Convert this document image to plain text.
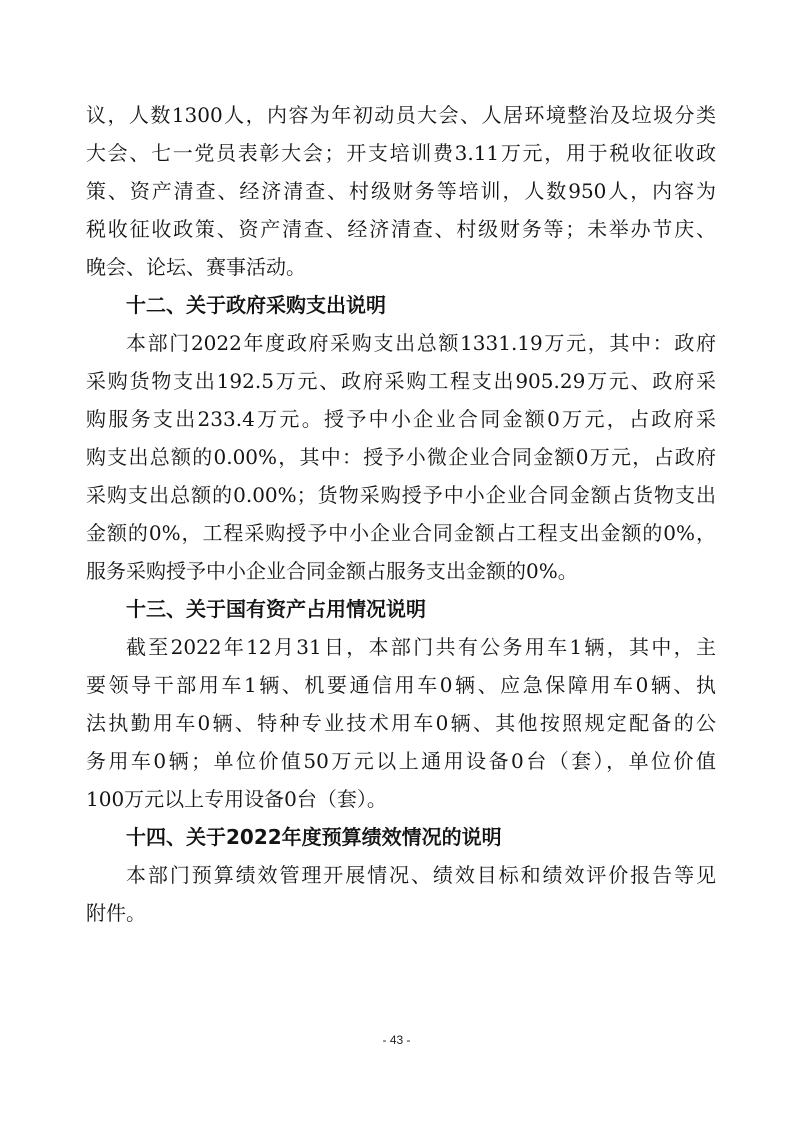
议，人数1300人，内容为年初动员大会、人居环境整治及垃圾分类
大会、七一党员表彰大会；开支培训费3.11万元，用于税收征收政
策、资产清查、经济清查、村级财务等培训，人数950人，内容为
税收征收政策、资产清查、经济清查、村级财务等；未举办节庆、
晚会、论坛、赛事活动。
十二、关于政府采购支出说明
本部门2022年度政府采购支出总额1331.19万元，其中：政府
采购货物支出192.5万元、政府采购工程支出905.29万元、政府采
购服务支出233.4万元。授予中小企业合同金额0万元，占政府采
购支出总额的0.00%，其中：授予小微企业合同金额0万元，占政府
采购支出总额的0.00%；货物采购授予中小企业合同金额占货物支出
金额的0%，工程采购授予中小企业合同金额占工程支出金额的0%，
服务采购授予中小企业合同金额占服务支出金额的0%。
十三、关于国有资产占用情况说明
截至2022年12月31日，本部门共有公务用车1辆，其中，主
要领导干部用车1辆、机要通信用车0辆、应急保障用车0辆、执
法执勤用车0辆、特种专业技术用车0辆、其他按照规定配备的公
务用车0辆；单位价值50万元以上通用设备0台（套），单位价值
100万元以上专用设备0台（套）。
十四、关于2022年度预算绩效情况的说明
本部门预算绩效管理开展情况、绩效目标和绩效评价报告等见
附件。
- 43 -
